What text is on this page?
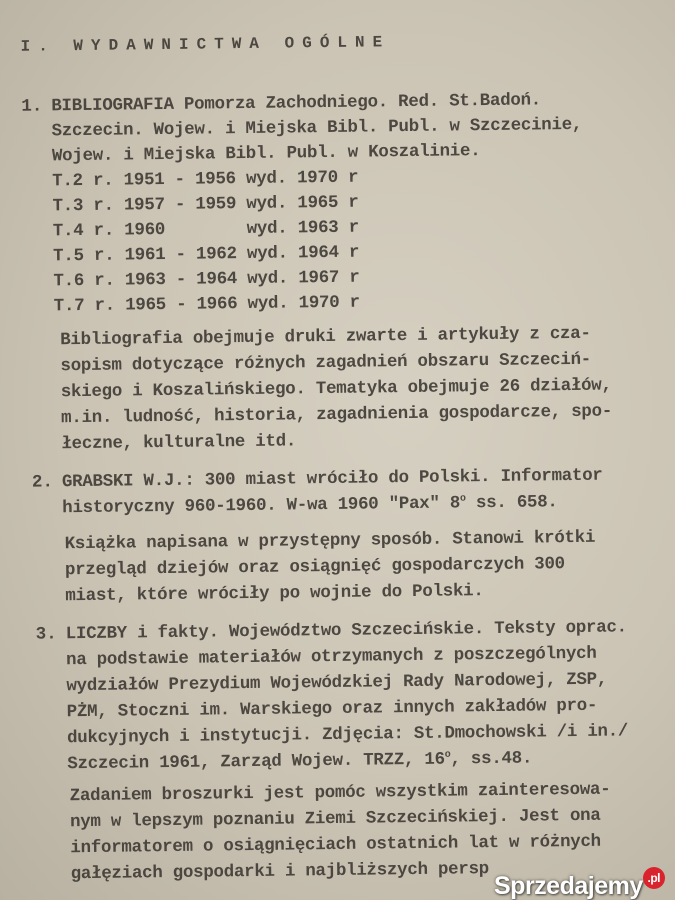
I. WYDAWNICTWA OGÓLNE
1. BIBLIOGRAFIA Pomorza Zachodniego. Red. St.Badoń.
Szczecin. Wojew. i Miejska Bibl. Publ. w Szczecinie,
Wojew. i Miejska Bibl. Publ. w Koszalinie.
T.2 r. 1951 - 1956 wyd. 1970 r
T.3 r. 1957 - 1959 wyd. 1965 r
T.4 r. 1960        wyd. 1963 r
T.5 r. 1961 - 1962 wyd. 1964 r
T.6 r. 1963 - 1964 wyd. 1967 r
T.7 r. 1965 - 1966 wyd. 1970 r
Bibliografia obejmuje druki zwarte i artykuły z cza-
sopism dotyczące różnych zagadnień obszaru Szczeciń-
skiego i Koszalińskiego. Tematyka obejmuje 26 działów,
m.in. ludność, historia, zagadnienia gospodarcze, spo-
łeczne, kulturalne itd.
2. GRABSKI W.J.: 300 miast wróciło do Polski. Informator
historyczny 960-1960. W-wa 1960 "Pax" 8$^o$ ss. 658.
Książka napisana w przystępny sposób. Stanowi krótki
przegląd dziejów oraz osiągnięć gospodarczych 300
miast, które wróciły po wojnie do Polski.
3. LICZBY i fakty. Województwo Szczecińskie. Teksty oprac.
na podstawie materiałów otrzymanych z poszczególnych
wydziałów Prezydium Wojewódzkiej Rady Narodowej, ZSP,
PŻM, Stoczni im. Warskiego oraz innych zakładów pro-
dukcyjnych i instytucji. Zdjęcia: St.Dmochowski /i in./
Szczecin 1961, Zarząd Wojew. TRZZ, 16$^o$, ss.48.
Zadaniem broszurki jest pomóc wszystkim zainteresowa-
nym w lepszym poznaniu Ziemi Szczecińskiej. Jest ona
informatorem o osiągnięciach ostatnich lat w różnych
gałęziach gospodarki i najbliższych persp
Sprzedajemy .pl
